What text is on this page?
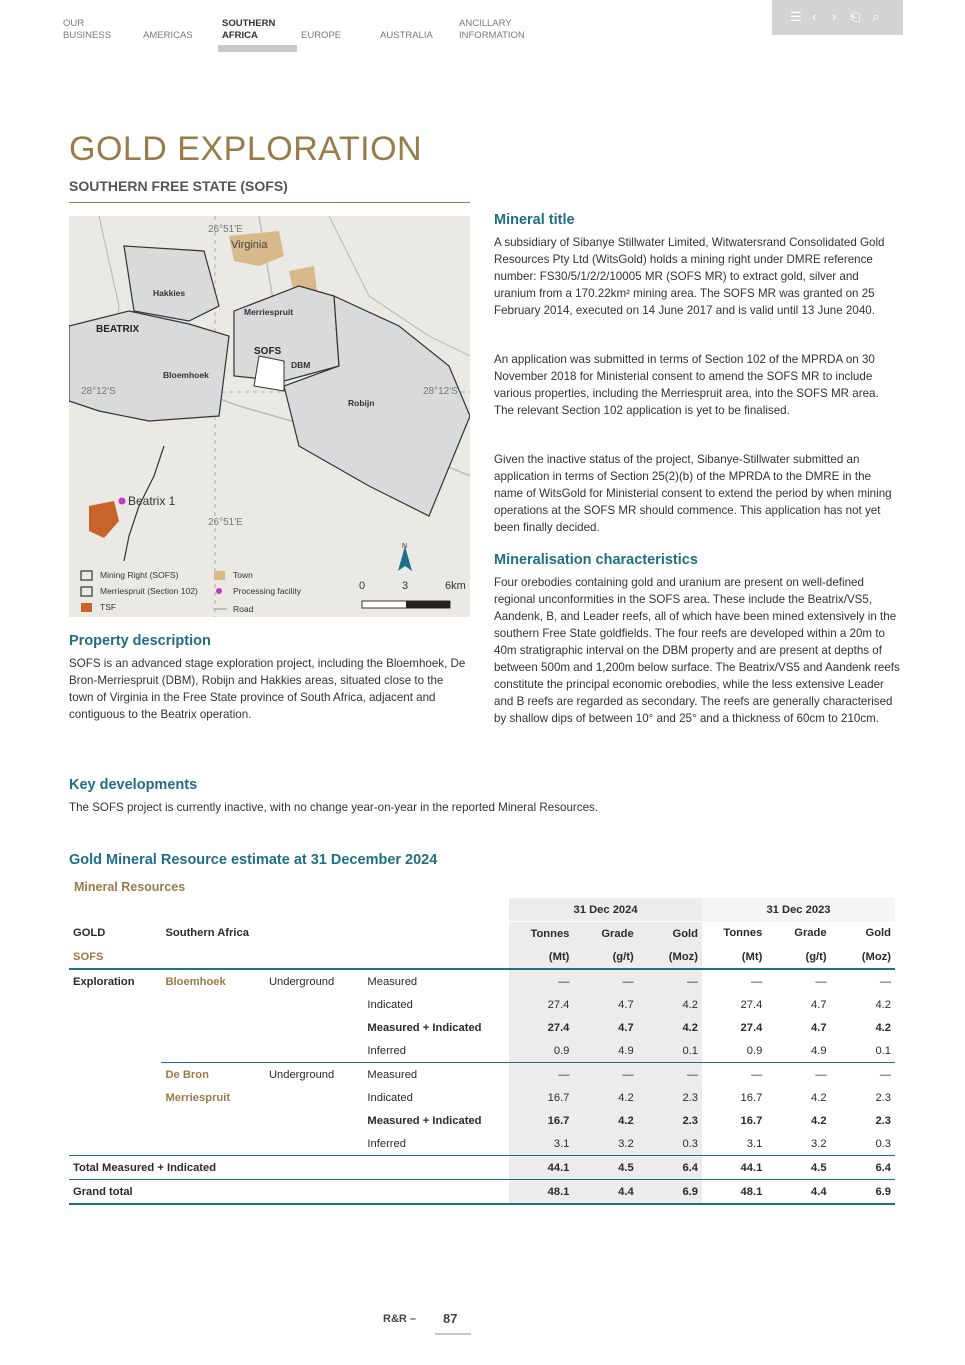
OUR
BUSINESS	AMERICAS
SOUTHERN
AFRICA	EUROPE	AUSTRALIA
ANCILLARY
INFORMATION
☰ ‹ › ⎗ ⌕
GOLD EXPLORATION
SOUTHERN FREE STATE (SOFS)
26°51'E
26°51'E
28°12'S	28°12'S
Virginia
Hakkies
BEATRIX
Merriespruit
SOFS
DBM
Bloemhoek
Robijn
Beatrix 1
N
0	3	6km
Mining Right (SOFS)
Merriespruit (Section 102)
TSF
Town
Processing facility
Road
Property description

SOFS is an advanced stage exploration project, including the Bloemhoek, De Bron-Merriespruit (DBM), Robijn and Hakkies areas, situated close to the town of Virginia in the Free State province of South Africa, adjacent and contiguous to the Beatrix operation.

Mineral title

A subsidiary of Sibanye Stillwater Limited, Witwatersrand Consolidated Gold Resources Pty Ltd (WitsGold) holds a mining right under DMRE reference number: FS30/5/1/2/2/10005 MR (SOFS MR) to extract gold, silver and uranium from a 170.22km² mining area. The SOFS MR was granted on 25 February 2014, executed on 14 June 2017 and is valid until 13 June 2040.

An application was submitted in terms of Section 102 of the MPRDA on 30 November 2018 for Ministerial consent to amend the SOFS MR to include various properties, including the Merriespruit area, into the SOFS MR area. The relevant Section 102 application is yet to be finalised.

Given the inactive status of the project, Sibanye-Stillwater submitted an application in terms of Section 25(2)(b) of the MPRDA to the DMRE in the name of WitsGold for Ministerial consent to extend the period by when mining operations at the SOFS MR should commence. This application has not yet been finally decided.

Mineralisation characteristics

Four orebodies containing gold and uranium are present on well-defined regional unconformities in the SOFS area. These include the Beatrix/VS5, Aandenk, B, and Leader reefs, all of which have been mined extensively in the southern Free State goldfields. The four reefs are developed within a 20m to 40m stratigraphic interval on the DBM property and are present at depths of between 500m and 1,200m below surface. The Beatrix/VS5 and Aandenk reefs constitute the principal economic orebodies, while the less extensive Leader and B reefs are regarded as secondary. The reefs are generally characterised by shallow dips of between 10° and 25° and a thickness of 60cm to 210cm.

Key developments

The SOFS project is currently inactive, with no change year-on-year in the reported Mineral Resources.

Gold Mineral Resource estimate at 31 December 2024
Mineral Resources
				31 Dec 2024			31 Dec 2023		
GOLD	Southern Africa			Tonnes	Grade	Gold	Tonnes	Grade	Gold
SOFS				(Mt)	(g/t)	(Moz)	(Mt)	(g/t)	(Moz)
Exploration	Bloemhoek	Underground	Measured	—	—	—	—	—	—
			Indicated	27.4	4.7	4.2	27.4	4.7	4.2
			Measured + Indicated	27.4	4.7	4.2	27.4	4.7	4.2
			Inferred	0.9	4.9	0.1	0.9	4.9	0.1
	De Bron	Underground	Measured	—	—	—	—	—	—
	Merriespruit		Indicated	16.7	4.2	2.3	16.7	4.2	2.3
			Measured + Indicated	16.7	4.2	2.3	16.7	4.2	2.3
			Inferred	3.1	3.2	0.3	3.1	3.2	0.3
Total Measured + Indicated				44.1	4.5	6.4	44.1	4.5	6.4
Grand total				48.1	4.4	6.9	48.1	4.4	6.9
R&R – 87
